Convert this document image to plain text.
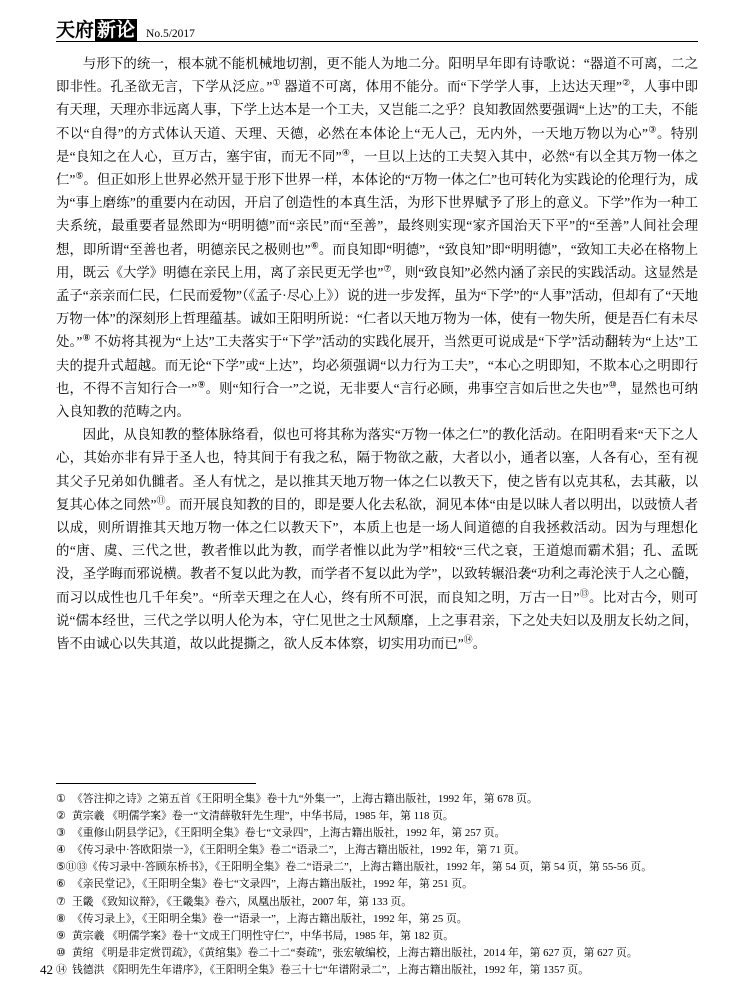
天府 新论 No.5/2017

与形下的统一，根本就不能机械地切割，更不能人为地二分。阳明早年即有诗歌说：“器道不可离，二之即非性。孔圣欲无言，下学从泛应。”① 器道不可离，体用不能分。而“下学学人事，上达达天理”②，人事中即有天理，天理亦非远离人事，下学上达本是一个工夫，又岂能二之乎？良知教固然要强调“上达”的工夫，不能不以“自得”的方式体认天道、天理、天德，必然在本体论上“无人己，无内外，一天地万物以为心”③。特别是“良知之在人心，亘万古，塞宇宙，而无不同”④，一旦以上达的工夫契入其中，必然“有以全其万物一体之仁”⑤。但正如形上世界必然开显于形下世界一样，本体论的“万物一体之仁”也可转化为实践论的伦理行为，成为“事上磨练”的重要内在动因，开启了创造性的本真生活，为形下世界赋予了形上的意义。下学”作为一种工夫系统，最重要者显然即为“明明德”而“亲民”而“至善”，最终则实现“家齐国治天下平”的“至善”人间社会理想，即所谓“至善也者，明德亲民之极则也”⑥。而良知即“明德”，“致良知”即“明明德”，“致知工夫必在格物上用，既云《大学》明德在亲民上用，离了亲民更无学也”⑦，则“致良知”必然内涵了亲民的实践活动。这显然是孟子“亲亲而仁民，仁民而爱物”（《孟子·尽心上》）说的进一步发挥，虽为“下学”的“人事”活动，但却有了“天地万物一体”的深刻形上哲理蕴基。诚如王阳明所说：“仁者以天地万物为一体，使有一物失所，便是吾仁有未尽处。”⑧ 不妨将其视为“上达”工夫落实于“下学”活动的实践化展开，当然更可说成是“下学”活动翻转为“上达”工夫的提升式超越。而无论“下学”或“上达”，均必须强调“以力行为工夫”，“本心之明即知，不欺本心之明即行也，不得不言知行合一”⑨。则“知行合一”之说，无非要人“言行必顾，弗事空言如后世之失也”⑩，显然也可纳入良知教的范畴之内。

因此，从良知教的整体脉络看，似也可将其称为落实“万物一体之仁”的教化活动。在阳明看来“天下之人心，其始亦非有异于圣人也，特其间于有我之私，隔于物欲之蔽，大者以小，通者以塞，人各有心，至有视其父子兄弟如仇雠者。圣人有忧之，是以推其天地万物一体之仁以教天下，使之皆有以克其私，去其蔽，以复其心体之同然”⑪。而开展良知教的目的，即是要人化去私欲，洞见本体“由是以昧人者以明出，以豉愤人者以成，则所谓推其天地万物一体之仁以教天下”，本质上也是一场人间道德的自我拯救活动。因为与理想化的“唐、虞、三代之世，教者惟以此为教，而学者惟以此为学”相较“三代之衰，王道熄而霸术猖；孔、孟既没，圣学晦而邪说横。教者不复以此为教，而学者不复以此为学”，以致转辗沿袭“功利之毒沦浃于人之心髓，而习以成性也几千年矣”。“所幸天理之在人心，终有所不可泯，而良知之明，万古一日”⑬。比对古今，则可说“儒本经世，三代之学以明人伦为本，守仁见世之士风颓靡，上之事君亲，下之处夫妇以及朋友长幼之间，皆不由诚心以失其道，故以此提撕之，欲人反本体察，切实用功而已”⑭。

① 《答注抑之诗》之第五首《王阳明全集》卷十九“外集一”，上海古籍出版社，1992 年，第 678 页。
② 黄宗羲 《明儒学案》卷一“文清薛敬轩先生理”，中华书局，1985 年，第 118 页。
③ 《重修山阴县学记》，《王阳明全集》卷七“文录四”，上海古籍出版社，1992 年，第 257 页。
④ 《传习录中·答欧阳崇一》，《王阳明全集》卷二“语录二”，上海古籍出版社，1992 年，第 71 页。
⑤⑪⑬《传习录中·答顾东桥书》，《王阳明全集》卷二“语录二”，上海古籍出版社，1992 年，第 54 页，第 54 页，第 55-56 页。
⑥ 《亲民堂记》，《王阳明全集》卷七“文录四”，上海古籍出版社，1992 年，第 251 页。
⑦ 王畿 《致知议辩》，《王畿集》卷六，凤凰出版社，2007 年，第 133 页。
⑧ 《传习录上》，《王阳明全集》卷一“语录一”，上海古籍出版社，1992 年，第 25 页。
⑨ 黄宗羲 《明儒学案》卷十“文成王门明性守仁”，中华书局，1985 年，第 182 页。
⑩ 黄绾 《明是非定赏罚疏》，《黄绾集》卷二十二“奏疏”，张宏敏编校，上海古籍出版社，2014 年，第 627 页，第 627 页。
⑭ 钱德洪 《阳明先生年谱序》，《王阳明全集》卷三十七“年谱附录二”，上海古籍出版社，1992 年，第 1357 页。
42
